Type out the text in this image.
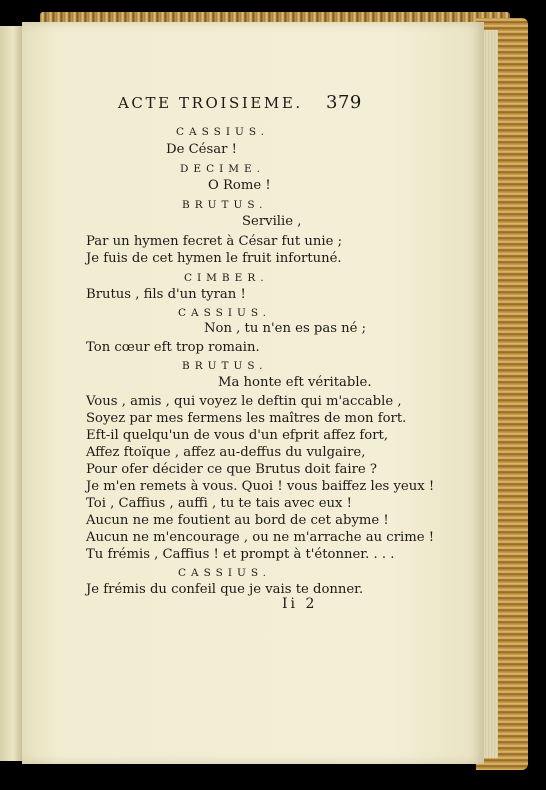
ACTE TROISIEME.	379
CASSIUS.
De César !
DECIME.
O Rome !
BRUTUS.
Servilie ,
Par un hymen fecret à César fut unie ;
Je fuis de cet hymen le fruit infortuné.
CIMBER.
Brutus , fils d'un tyran !
CASSIUS.
Non , tu n'en es pas né ;
Ton cœur eft trop romain.
BRUTUS.
Ma honte eft véritable.
Vous , amis , qui voyez le deftin qui m'accable ,
Soyez par mes fermens les maîtres de mon fort.
Eft-il quelqu'un de vous d'un efprit affez fort,
Affez ftoïque , affez au-deffus du vulgaire,
Pour ofer décider ce que Brutus doit faire ?
Je m'en remets à vous. Quoi ! vous baiffez les yeux !
Toi , Caffius , auffi , tu te tais avec eux !
Aucun ne me foutient au bord de cet abyme !
Aucun ne m'encourage , ou ne m'arrache au crime !
Tu frémis , Caffius ! et prompt à t'étonner. . . .
CASSIUS.
Je frémis du confeil que je vais te donner.
Ii 2
